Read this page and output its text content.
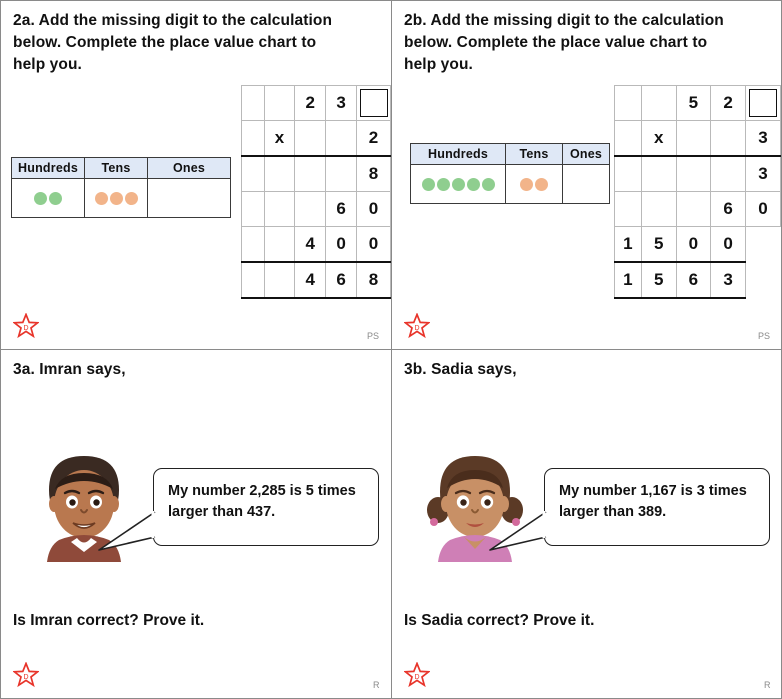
2a. Add the missing digit to the calculation below. Complete the place value chart to help you.
Hundreds	Tens	Ones

		2	3	

	x			2
				8
			6	0
		4	0	0
		4	6	8
D
PS
2b. Add the missing digit to the calculation below. Complete the place value chart to help you.
Hundreds	Tens	Ones

		5	2	

	x			3
				3
			6	0
1	5	0	0
1	5	6	3
D
PS
3a. Imran says,
My number 2,285 is 5 times larger than 437.
Is Imran correct? Prove it.
D
R
3b. Sadia says,
My number 1,167 is 3 times larger than 389.
Is Sadia correct? Prove it.
D
R
